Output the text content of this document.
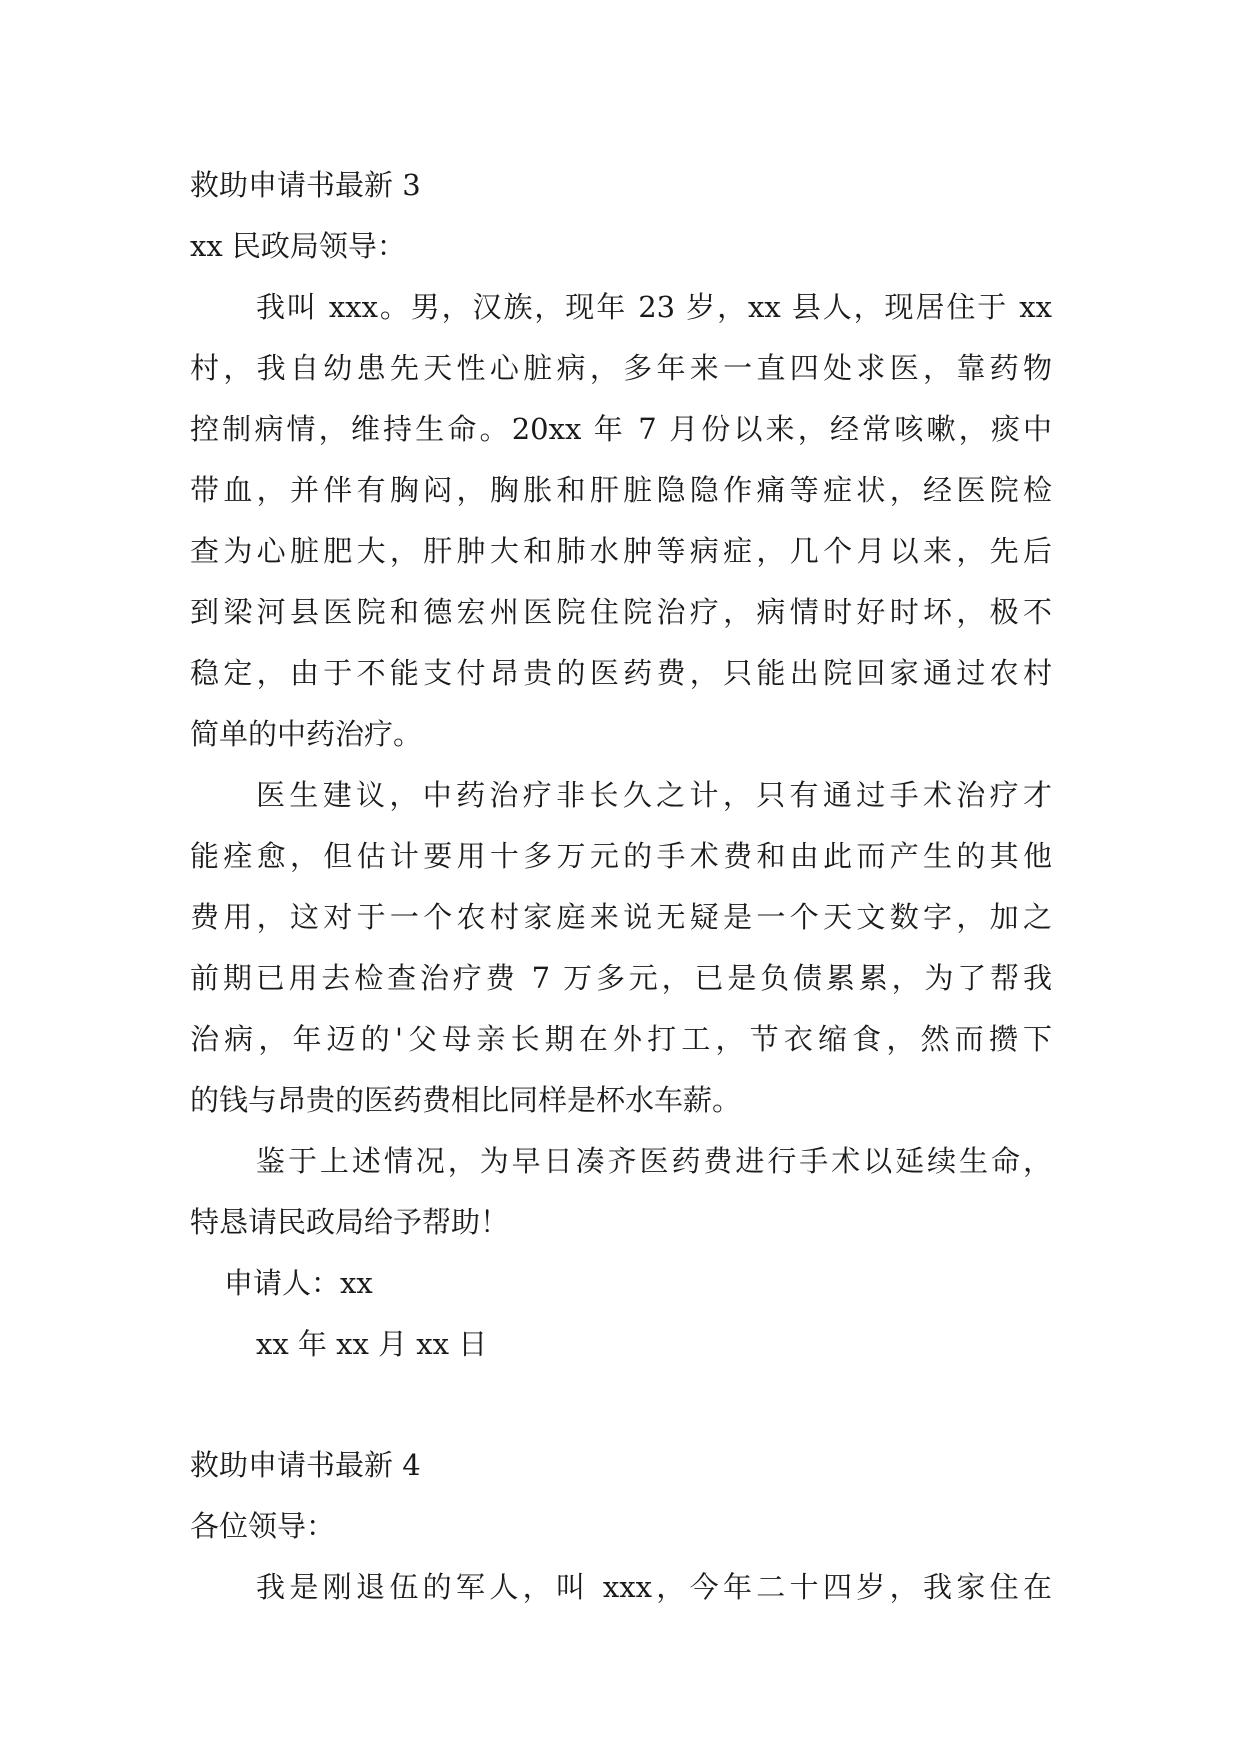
救助申请书最新 3

xx 民政局领导：

我叫 xxx。男，汉族，现年 23 岁，xx 县人，现居住于 xx

村，我自幼患先天性心脏病，多年来一直四处求医，靠药物

控制病情，维持生命。20xx 年 7 月份以来，经常咳嗽，痰中

带血，并伴有胸闷，胸胀和肝脏隐隐作痛等症状，经医院检

查为心脏肥大，肝肿大和肺水肿等病症，几个月以来，先后

到梁河县医院和德宏州医院住院治疗，病情时好时坏，极不

稳定，由于不能支付昂贵的医药费，只能出院回家通过农村

简单的中药治疗。

医生建议，中药治疗非长久之计，只有通过手术治疗才

能痊愈，但估计要用十多万元的手术费和由此而产生的其他

费用，这对于一个农村家庭来说无疑是一个天文数字，加之

前期已用去检查治疗费 7 万多元，已是负债累累，为了帮我

治病，年迈的'父母亲长期在外打工，节衣缩食，然而攒下

的钱与昂贵的医药费相比同样是杯水车薪。

鉴于上述情况，为早日凑齐医药费进行手术以延续生命，

特恳请民政局给予帮助！

申请人：xx

xx 年 xx 月 xx 日

救助申请书最新 4

各位领导：

我是刚退伍的军人，叫 xxx，今年二十四岁，我家住在
